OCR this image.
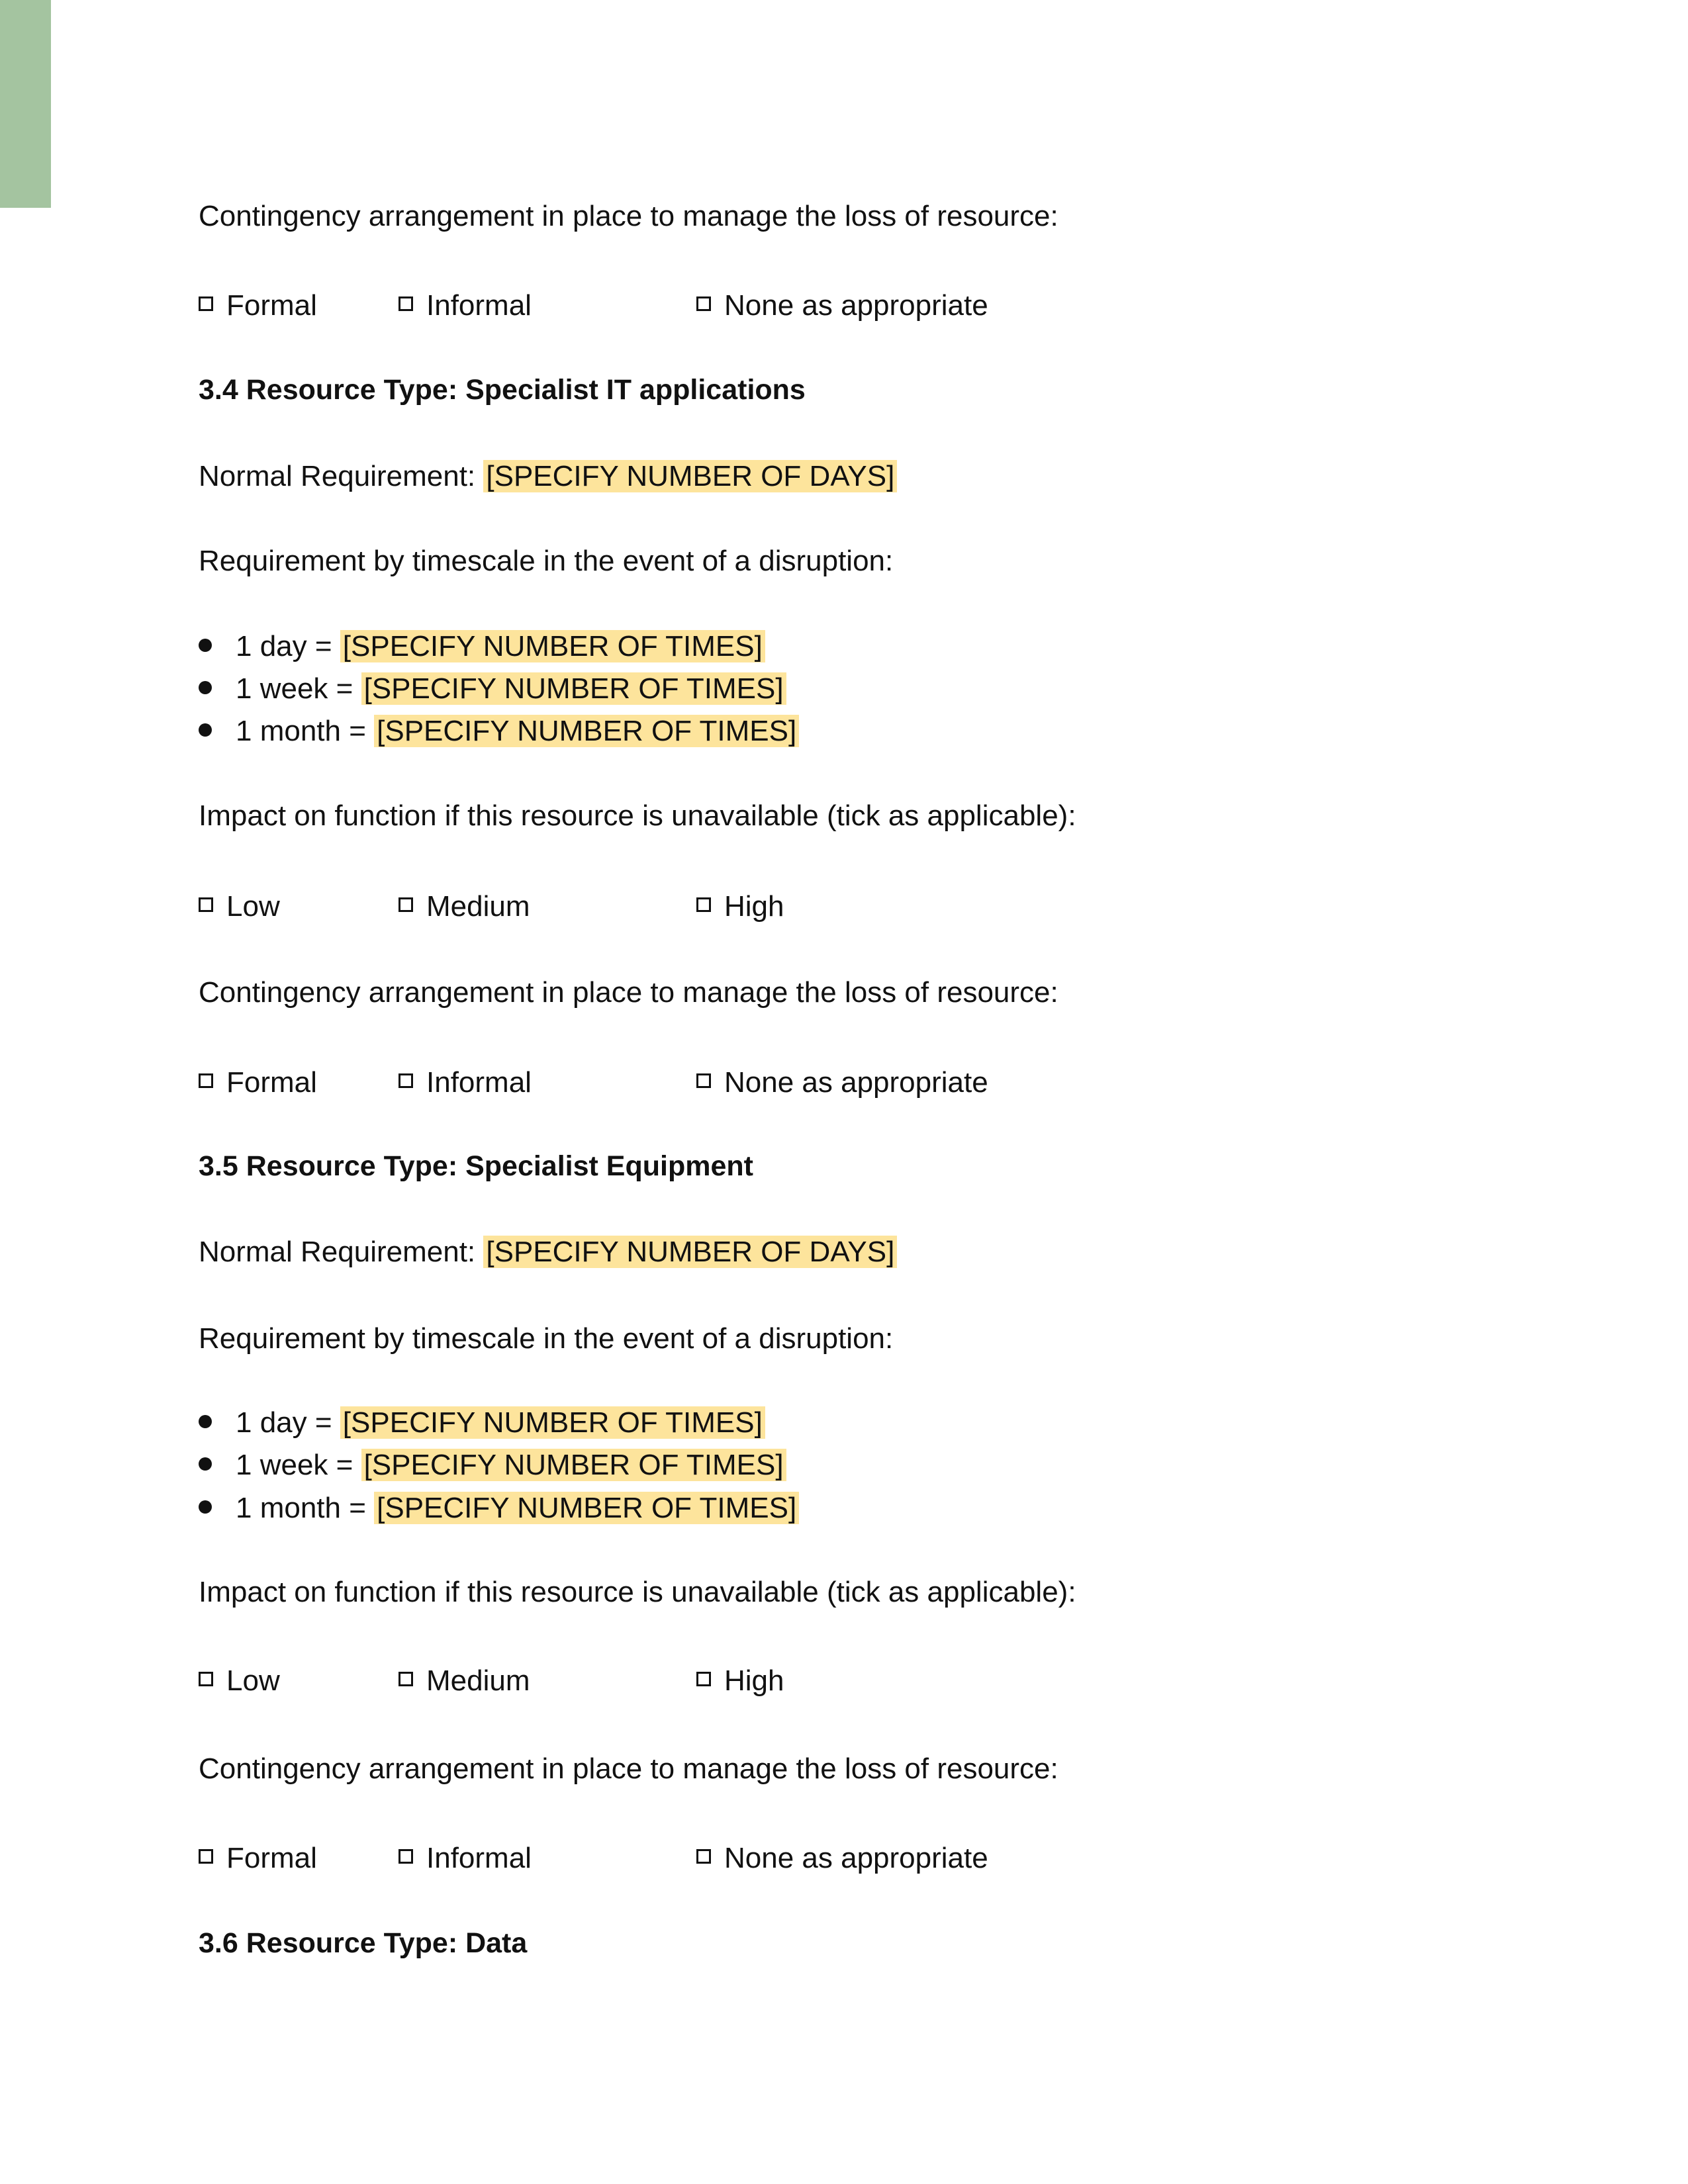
Contingency arrangement in place to manage the loss of resource:
Formal	Informal	None as appropriate
3.4 Resource Type: Specialist IT applications
Normal Requirement: [SPECIFY NUMBER OF DAYS]
Requirement by timescale in the event of a disruption:
1 day = [SPECIFY NUMBER OF TIMES]
1 week = [SPECIFY NUMBER OF TIMES]
1 month = [SPECIFY NUMBER OF TIMES]
Impact on function if this resource is unavailable (tick as applicable):
Low	Medium	High
Contingency arrangement in place to manage the loss of resource:
Formal	Informal	None as appropriate
3.5 Resource Type: Specialist Equipment
Normal Requirement: [SPECIFY NUMBER OF DAYS]
Requirement by timescale in the event of a disruption:
1 day = [SPECIFY NUMBER OF TIMES]
1 week = [SPECIFY NUMBER OF TIMES]
1 month = [SPECIFY NUMBER OF TIMES]
Impact on function if this resource is unavailable (tick as applicable):
Low	Medium	High
Contingency arrangement in place to manage the loss of resource:
Formal	Informal	None as appropriate
3.6 Resource Type: Data
